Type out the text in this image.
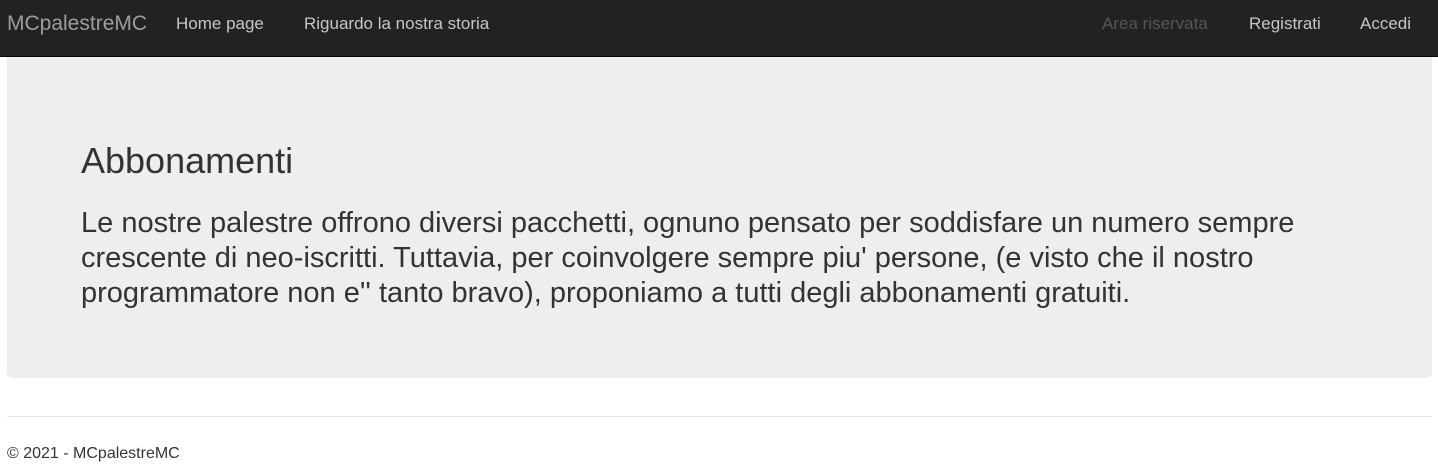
MCpalestreMC Home page Riguardo la nostra storia	Area riservata Registrati Accedi
Abbonamenti

Le nostre palestre offrono diversi pacchetti, ognuno pensato per soddisfare un numero sempre crescente di neo-iscritti. Tuttavia, per coinvolgere sempre piu' persone, (e visto che il nostro programmatore non e'' tanto bravo), proponiamo a tutti degli abbonamenti gratuiti.

© 2021 - MCpalestreMC
